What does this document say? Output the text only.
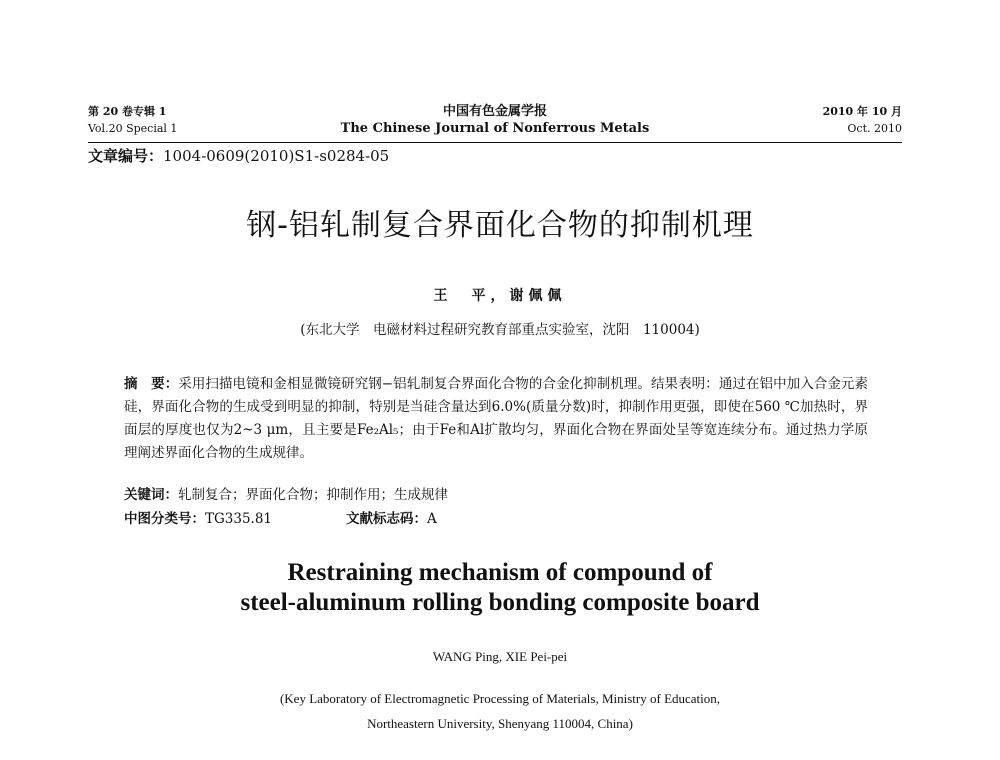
第 20 卷专辑 1
Vol.20 Special 1
中国有色金属学报
The Chinese Journal of Nonferrous Metals
2010 年 10 月
Oct. 2010
文章编号：1004-0609(2010)S1-s0284-05
钢-铝轧制复合界面化合物的抑制机理
王　平，谢佩佩
(东北大学　电磁材料过程研究教育部重点实验室，沈阳　110004)
摘　要：采用扫描电镜和金相显微镜研究钢−铝轧制复合界面化合物的合金化抑制机理。结果表明：通过在铝中加入合金元素硅，界面化合物的生成受到明显的抑制，特别是当硅含量达到6.0%(质量分数)时，抑制作用更强，即使在560 ℃加热时，界面层的厚度也仅为2~3 μm，且主要是Fe₂Al₅；由于Fe和Al扩散均匀，界面化合物在界面处呈等宽连续分布。通过热力学原理阐述界面化合物的生成规律。
关键词：轧制复合；界面化合物；抑制作用；生成规律
中图分类号：TG335.81	文献标志码：A
Restraining mechanism of compound of
steel-aluminum rolling bonding composite board
WANG Ping, XIE Pei-pei
(Key Laboratory of Electromagnetic Processing of Materials, Ministry of Education,
Northeastern University, Shenyang 110004, China)
